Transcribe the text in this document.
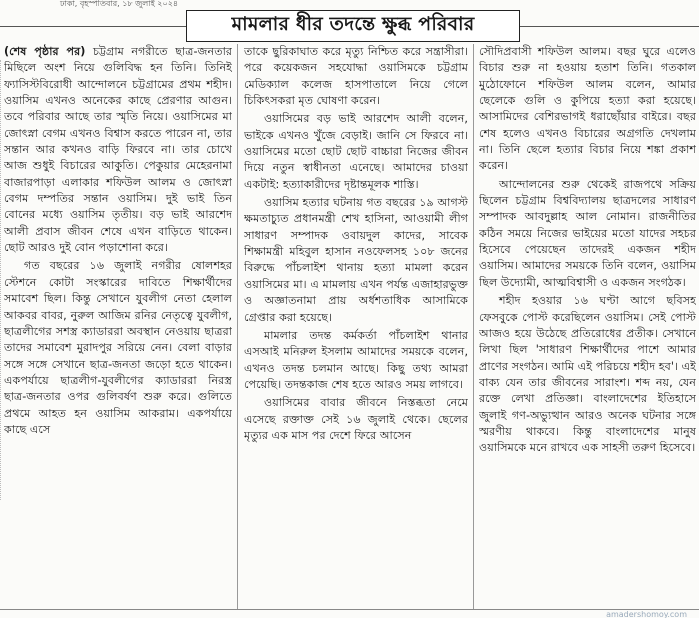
ঢাকা, বৃহস্পতিবার, ১৮ জুলাই ২০২৪
মামলার ধীর তদন্তে ক্ষুব্ধ পরিবার

(শেষ পৃষ্ঠার পর) চট্টগ্রাম নগরীতে ছাত্র-জনতার মিছিলে অংশ নিয়ে গুলিবিদ্ধ হন তিনি। তিনিই ফ্যাসিস্টবিরোধী আন্দোলনে চট্টগ্রামের প্রথম শহীদ। ওয়াসিম এখনও অনেকের কাছে প্রেরণার আগুন। তবে পরিবার আছে তার স্মৃতি নিয়ে। ওয়াসিমের মা জোৎস্না বেগম এখনও বিশ্বাস করতে পারেন না, তার সন্তান আর কখনও বাড়ি ফিরবে না। তার চোখে আজ শুধুই বিচারের আকুতি। পেকুয়ার মেহেরনামা বাজারপাড়া এলাকার শফিউল আলম ও জোৎস্না বেগম দম্পতির সন্তান ওয়াসিম। দুই ভাই তিন বোনের মধ্যে ওয়াসিম তৃতীয়। বড় ভাই আরশেদ আলী প্রবাস জীবন শেষে এখন বাড়িতে থাকেন। ছোট আরও দুই বোন পড়াশোনা করে।

গত বছরের ১৬ জুলাই নগরীর ষোলশহর স্টেশনে কোটা সংস্কারের দাবিতে শিক্ষার্থীদের সমাবেশ ছিল। কিন্তু সেখানে যুবলীগ নেতা হেলাল আকবর বাবর, নুরুল আজিম রনির নেতৃত্বে যুবলীগ, ছাত্রলীগের সশস্ত্র ক্যাডাররা অবস্থান নেওয়ায় ছাত্ররা তাদের সমাবেশ মুরাদপুর সরিয়ে নেন। বেলা বাড়ার সঙ্গে সঙ্গে সেখানে ছাত্র-জনতা জড়ো হতে থাকেন। একপর্যায়ে ছাত্রলীগ-যুবলীগের ক্যাডাররা নিরস্ত্র ছাত্র-জনতার ওপর গুলিবর্ষণ শুরু করে। গুলিতে প্রথমে আহত হন ওয়াসিম আকরাম। একপর্যায়ে কাছে এসে

তাকে ছুরিকাঘাত করে মৃত্যু নিশ্চিত করে সন্ত্রাসীরা। পরে কয়েকজন সহযোদ্ধা ওয়াসিমকে চট্টগ্রাম মেডিক্যাল কলেজ হাসপাতালে নিয়ে গেলে চিকিৎসকরা মৃত ঘোষণা করেন।

ওয়াসিমের বড় ভাই আরশেদ আলী বলেন, ভাইকে এখনও খুঁজে বেড়াই। জানি সে ফিরবে না। ওয়াসিমের মতো ছোট ছোট বাচ্চারা নিজের জীবন দিয়ে নতুন স্বাধীনতা এনেছে। আমাদের চাওয়া একটাই: হত্যাকারীদের দৃষ্টান্তমূলক শাস্তি।

ওয়াসিম হত্যার ঘটনায় গত বছরের ১৯ আগস্ট ক্ষমতাচ্যুত প্রধানমন্ত্রী শেখ হাসিনা, আওয়ামী লীগ সাধারণ সম্পাদক ওবায়দুল কাদের, সাবেক শিক্ষামন্ত্রী মহিবুল হাসান নওফেলসহ ১০৮ জনের বিরুদ্ধে পাঁচলাইশ থানায় হত্যা মামলা করেন ওয়াসিমের মা। এ মামলায় এখন পর্যন্ত এজাহারভুক্ত ও অজ্ঞাতনামা প্রায় অর্ধশতাধিক আসামিকে গ্রেপ্তার করা হয়েছে।

মামলার তদন্ত কর্মকর্তা পাঁচলাইশ থানার এসআই মনিরুল ইসলাম আমাদের সময়কে বলেন, এখনও তদন্ত চলমান আছে। কিছু তথ্য আমরা পেয়েছি। তদন্তকাজ শেষ হতে আরও সময় লাগবে।

ওয়াসিমের বাবার জীবনে নিস্তব্ধতা নেমে এসেছে রক্তাক্ত সেই ১৬ জুলাই থেকে। ছেলের মৃত্যুর এক মাস পর দেশে ফিরে আসেন

সৌদিপ্রবাসী শফিউল আলম। বছর ঘুরে এলেও বিচার শুরু না হওয়ায় হতাশ তিনি। গতকাল মুঠোফোনে শফিউল আলম বলেন, আমার ছেলেকে গুলি ও কুপিয়ে হত্যা করা হয়েছে। আসামিদের বেশিরভাগই ধরাছোঁয়ার বাইরে। বছর শেষ হলেও এখনও বিচারের অগ্রগতি দেখলাম না। তিনি ছেলে হত্যার বিচার নিয়ে শঙ্কা প্রকাশ করেন।

আন্দোলনের শুরু থেকেই রাজপথে সক্রিয় ছিলেন চট্টগ্রাম বিশ্ববিদ্যালয় ছাত্রদলের সাধারণ সম্পাদক আবদুল্লাহ আল নোমান। রাজনীতির কঠিন সময়ে নিজের ভাইয়ের মতো যাদের সহচর হিসেবে পেয়েছেন তাদেরই একজন শহীদ ওয়াসিম। আমাদের সময়কে তিনি বলেন, ওয়াসিম ছিল উদ্যোমী, আত্মবিশ্বাসী ও একজন সংগঠক।

শহীদ হওয়ার ১৬ ঘণ্টা আগে ছবিসহ ফেসবুকে পোস্ট করেছিলেন ওয়াসিম। সেই পোস্ট আজও হয়ে উঠেছে প্রতিরোধের প্রতীক। সেখানে লিখা ছিল 'সাধারণ শিক্ষার্থীদের পাশে আমার প্রাণের সংগঠন। আমি এই পরিচয়ে শহীদ হব'। এই বাক্য যেন তার জীবনের সারাংশ। শব্দ নয়, যেন রক্তে লেখা প্রতিজ্ঞা। বাংলাদেশের ইতিহাসে জুলাই গণ-অভ্যুত্থান আরও অনেক ঘটনার সঙ্গে স্মরণীয় থাকবে। কিন্তু বাংলাদেশের মানুষ ওয়াসিমকে মনে রাখবে এক সাহসী তরুণ হিসেবে।

amadershomoy.com
